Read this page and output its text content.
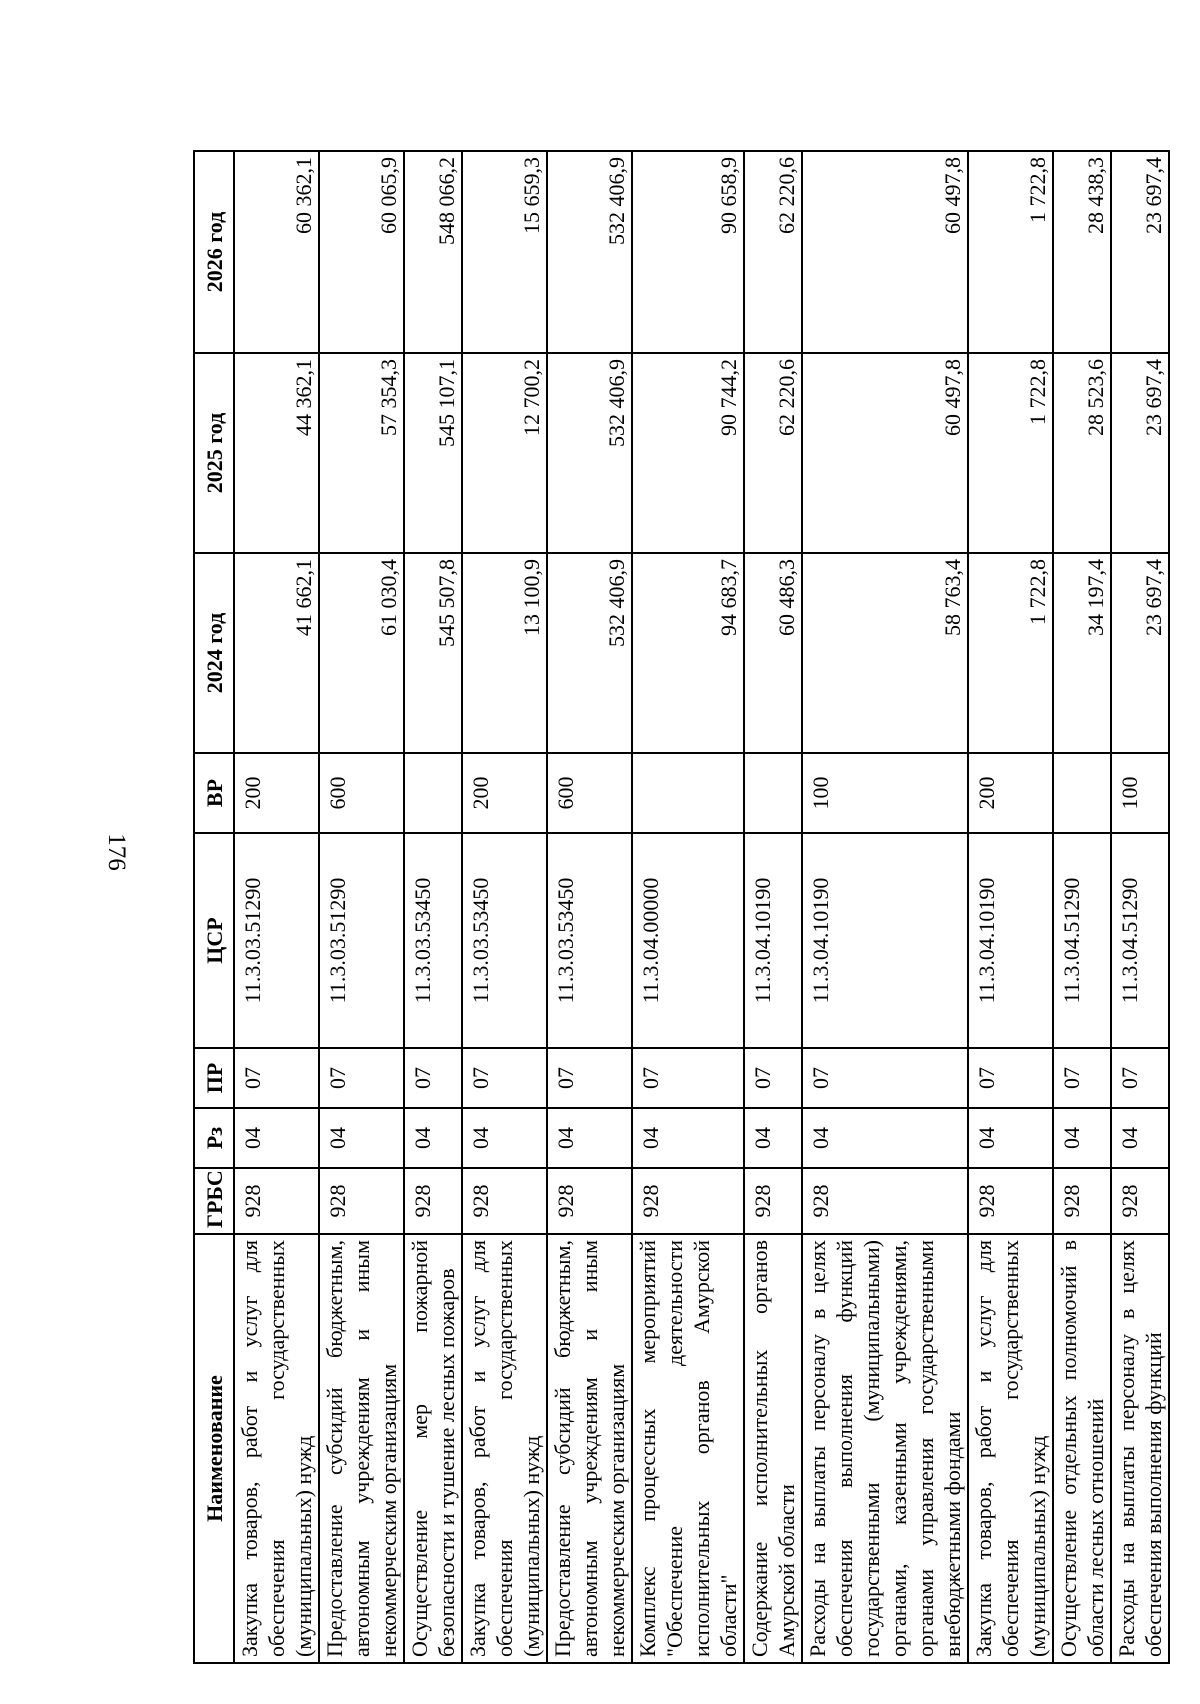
176
Наименование	ГРБС	Рз	ПР	ЦСР	ВР	2024 год	2025 год	2026 год
Закупка товаров, работ и услуг для обеспечения государственных (муниципальных) нужд	928	04	07	11.3.03.51290	200	41 662,1	44 362,1	60 362,1
Предоставление субсидий бюджетным, автономным учреждениям и иным некоммерческим организациям	928	04	07	11.3.03.51290	600	61 030,4	57 354,3	60 065,9
Осуществление мер пожарной безопасности и тушение лесных пожаров	928	04	07	11.3.03.53450		545 507,8	545 107,1	548 066,2
Закупка товаров, работ и услуг для обеспечения государственных (муниципальных) нужд	928	04	07	11.3.03.53450	200	13 100,9	12 700,2	15 659,3
Предоставление субсидий бюджетным, автономным учреждениям и иным некоммерческим организациям	928	04	07	11.3.03.53450	600	532 406,9	532 406,9	532 406,9
Комплекс процессных мероприятий "Обеспечение деятельности исполнительных органов Амурской области"	928	04	07	11.3.04.00000		94 683,7	90 744,2	90 658,9
Содержание исполнительных органов Амурской области	928	04	07	11.3.04.10190		60 486,3	62 220,6	62 220,6
Расходы на выплаты персоналу в целях обеспечения выполнения функций государственными (муниципальными) органами, казенными учреждениями, органами управления государственными внебюджетными фондами	928	04	07	11.3.04.10190	100	58 763,4	60 497,8	60 497,8
Закупка товаров, работ и услуг для обеспечения государственных (муниципальных) нужд	928	04	07	11.3.04.10190	200	1 722,8	1 722,8	1 722,8
Осуществление отдельных полномочий в области лесных отношений	928	04	07	11.3.04.51290		34 197,4	28 523,6	28 438,3
Расходы на выплаты персоналу в целях обеспечения выполнения функций	928	04	07	11.3.04.51290	100	23 697,4	23 697,4	23 697,4
